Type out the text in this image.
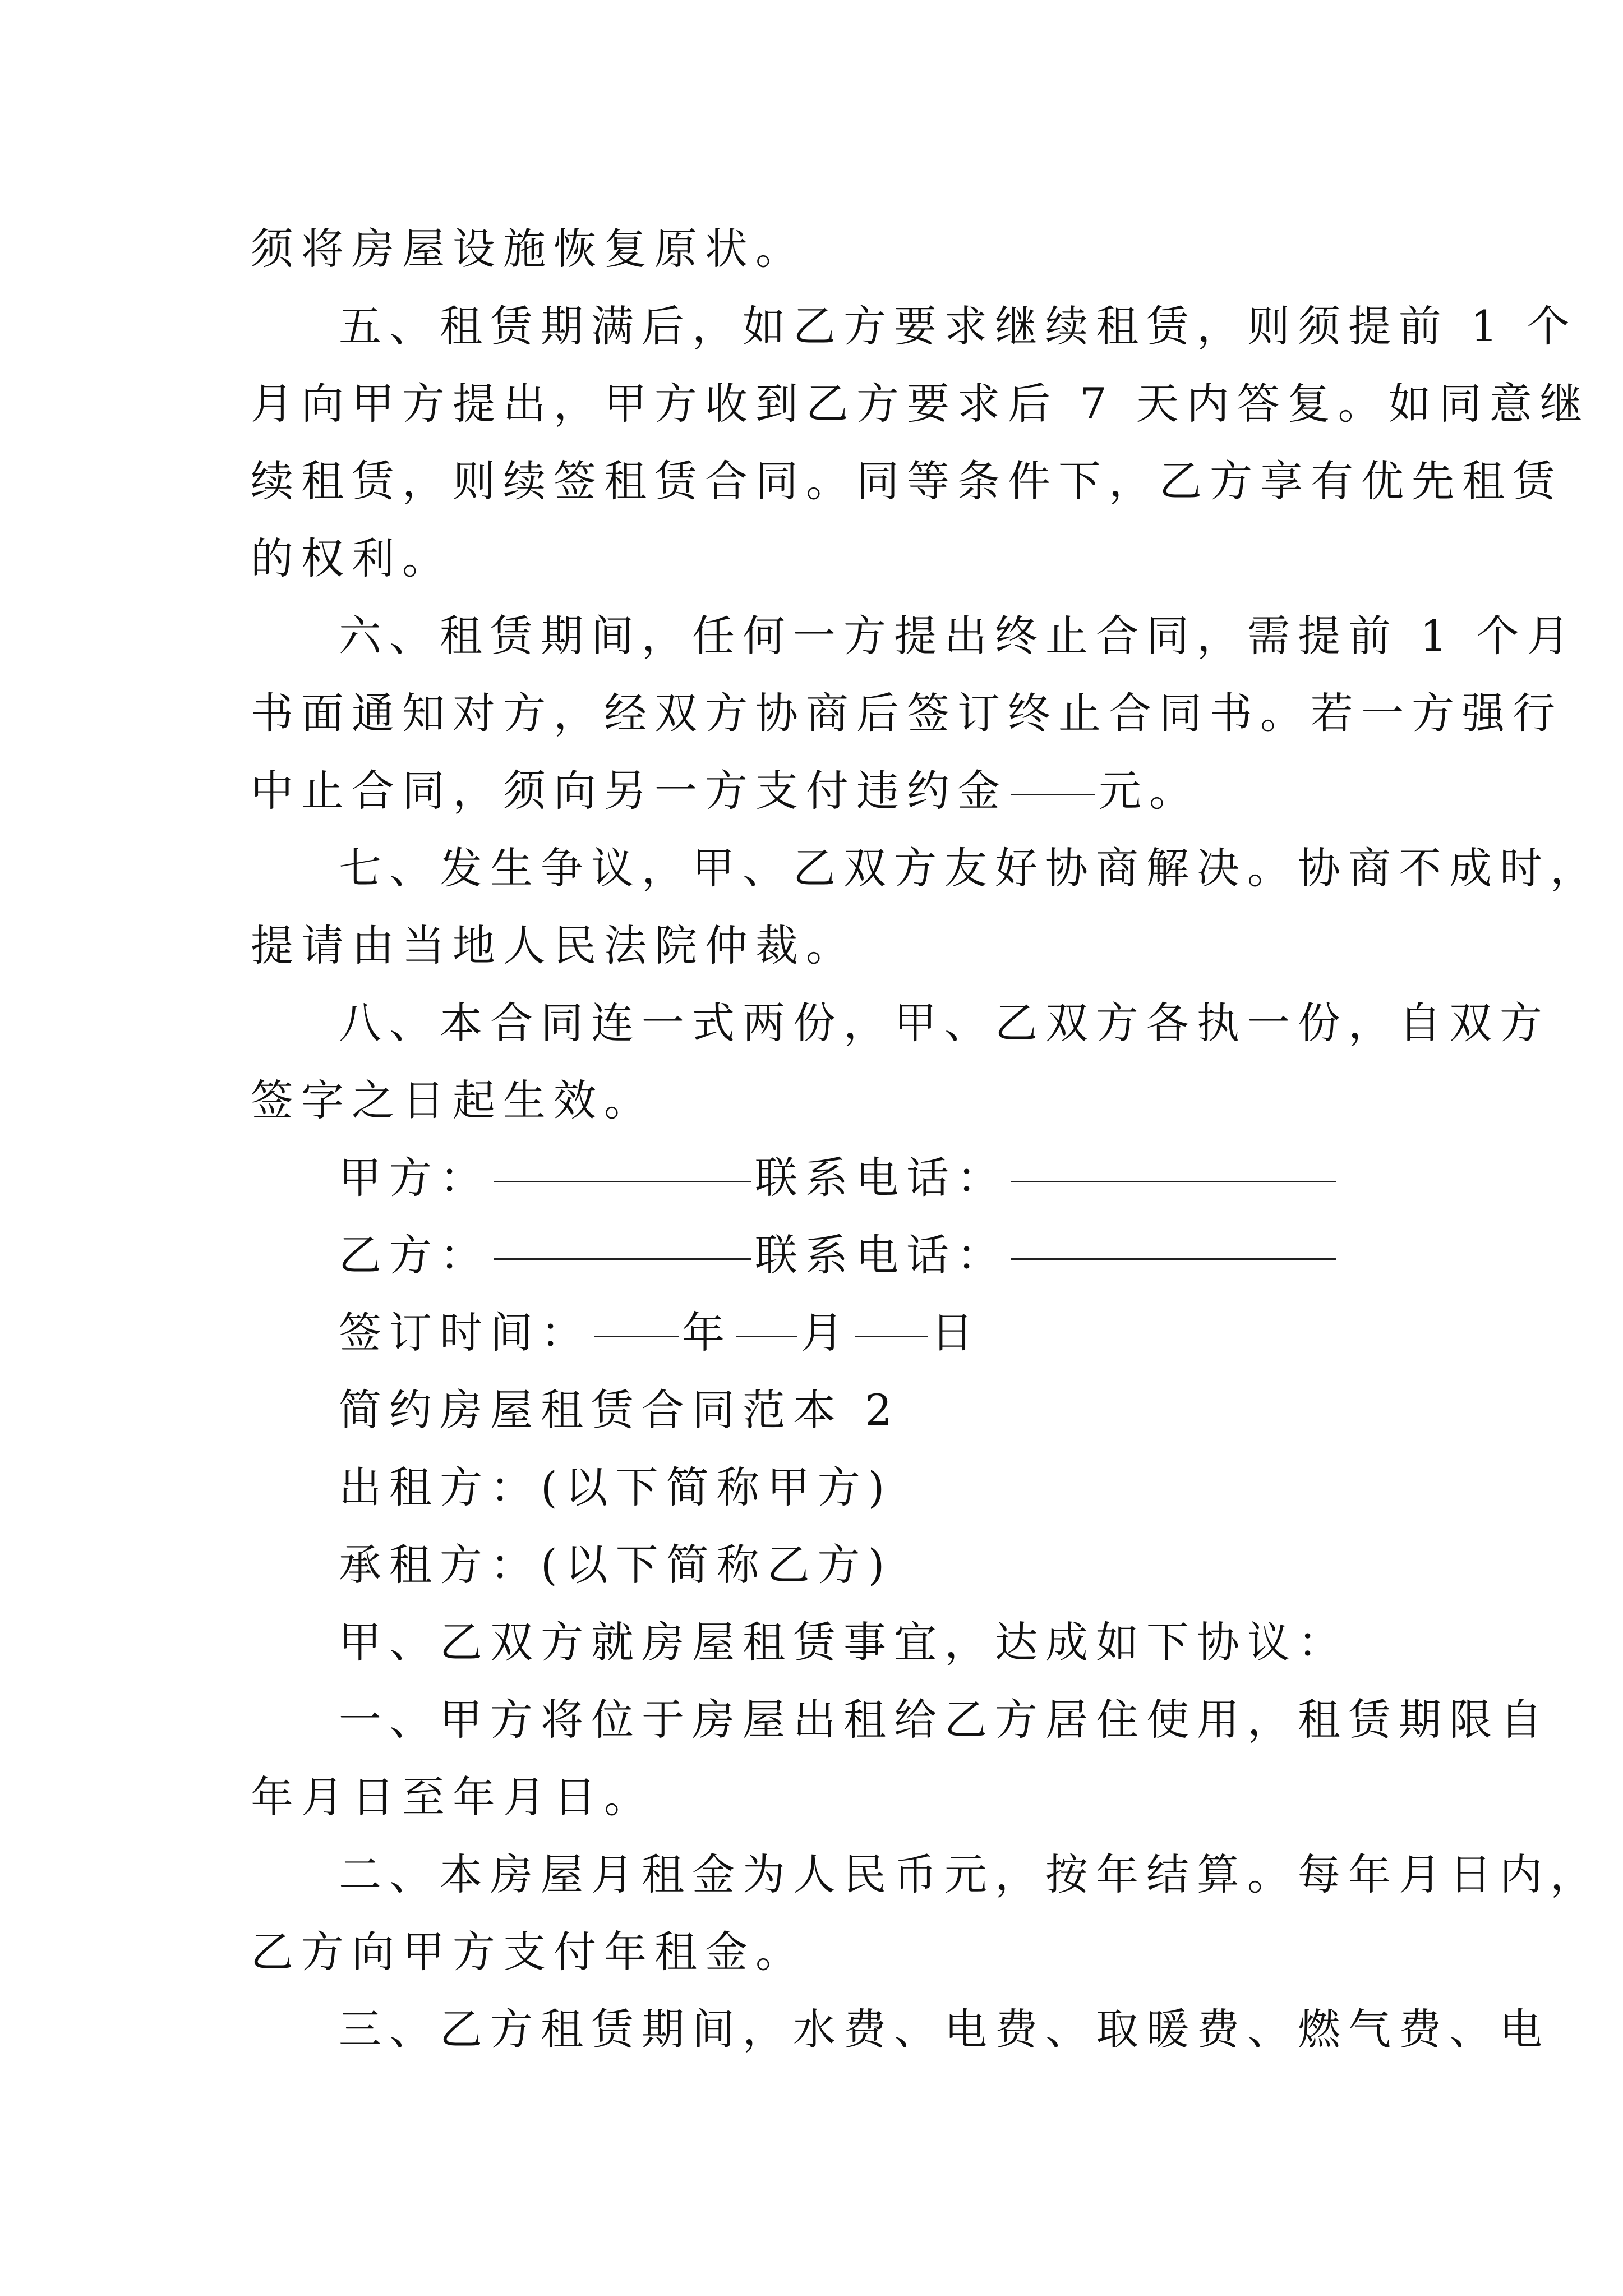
须将房屋设施恢复原状。
五、租赁期满后，如乙方要求继续租赁，则须提前 1 个
月向甲方提出，甲方收到乙方要求后 7 天内答复。如同意继
续租赁，则续签租赁合同。同等条件下，乙方享有优先租赁
的权利。
六、租赁期间，任何一方提出终止合同，需提前 1 个月
书面通知对方，经双方协商后签订终止合同书。若一方强行
中止合同，须向另一方支付违约金 元。
七、发生争议，甲、乙双方友好协商解决。协商不成时，
提请由当地人民法院仲裁。
八、本合同连一式两份，甲、乙双方各执一份，自双方
签字之日起生效。
甲方：	联系电话：
乙方：	联系电话：
签订时间： 年 月 日
简约房屋租赁合同范本 2
出租方：(以下简称甲方)
承租方：(以下简称乙方)
甲、乙双方就房屋租赁事宜，达成如下协议：
一、甲方将位于房屋出租给乙方居住使用，租赁期限自
年月日至年月日。
二、本房屋月租金为人民币元，按年结算。每年月日内，
乙方向甲方支付年租金。
三、乙方租赁期间，水费、电费、取暖费、燃气费、电
